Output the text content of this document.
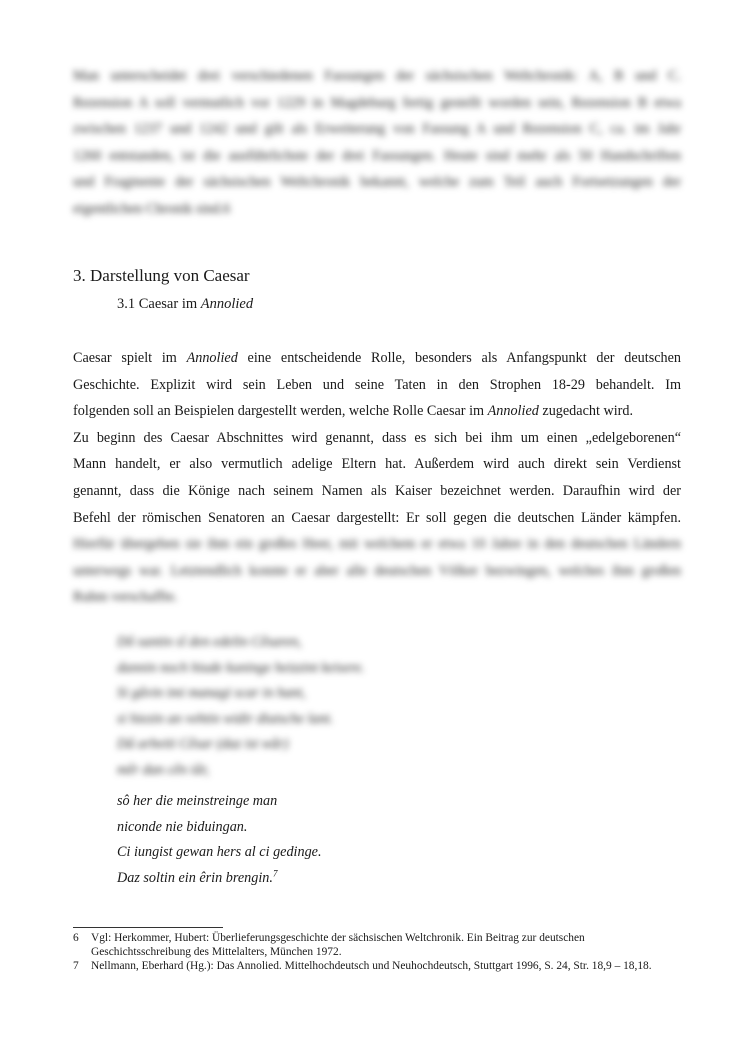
Man unterscheidet drei verschiedenen Fassungen der sächsischen Weltchronik: A, B und C.
Rezension A soll vermutlich vor 1229 in Magdeburg fertig gestellt worden sein, Rezension B etwa
zwischen 1237 und 1242 und gilt als Erweiterung von Fassung A und Rezension C, ca. im Jahr
1260 entstanden, ist die ausführlichste der drei Fassungen. Heute sind mehr als 50 Handschriften
und Fragmente der sächsischen Weltchronik bekannt, welche zum Teil auch Fortsetzungen der
eigentlichen Chronik sind.6

3. Darstellung von Caesar
3.1 Caesar im Annolied

Caesar spielt im Annolied eine entscheidende Rolle, besonders als Anfangspunkt der deutschen
Geschichte. Explizit wird sein Leben und seine Taten in den Strophen 18-29 behandelt. Im
folgenden soll an Beispielen dargestellt werden, welche Rolle Caesar im Annolied zugedacht wird.
Zu beginn des Caesar Abschnittes wird genannt, dass es sich bei ihm um einen „edelgeborenen“
Mann handelt, er also vermutlich adelige Eltern hat. Außerdem wird auch direkt sein Verdienst
genannt, dass die Könige nach seinem Namen als Kaiser bezeichnet werden. Daraufhin wird der
Befehl der römischen Senatoren an Caesar dargestellt: Er soll gegen die deutschen Länder kämpfen.

Hierfür übergeben sie ihm ein großes Heer, mit welchem er etwa 10 Jahre in den deutschen Ländern
unterwegs war. Letztendlich konnte er aber alle deutschen Völker bezwingen, welches ihm großen
Ruhm verschaffte.

Dô santin sî den edelin Cêsaren,
dannin noch hiude kuninge heizzint keisere.
Si gâvin imi managi scar in hant,
si hiezin an vehtin widir diutsche lant.
Dâ arbeiti Cêsar (daz ist wâr)
mêr dan cên iâr,
sô her die meinstreinge man
niconde nie biduingan.
Ci iungist gewan hers al ci gedinge.
Daz soltin ein êrin brengin.$^7$
6	Vgl: Herkommer, Hubert: Überlieferungsgeschichte der sächsischen Weltchronik. Ein Beitrag zur deutschen Geschichtsschreibung des Mittelalters, München 1972.
7	Nellmann, Eberhard (Hg.): Das Annolied. Mittelhochdeutsch und Neuhochdeutsch, Stuttgart 1996, S. 24, Str. 18,9 – 18,18.
